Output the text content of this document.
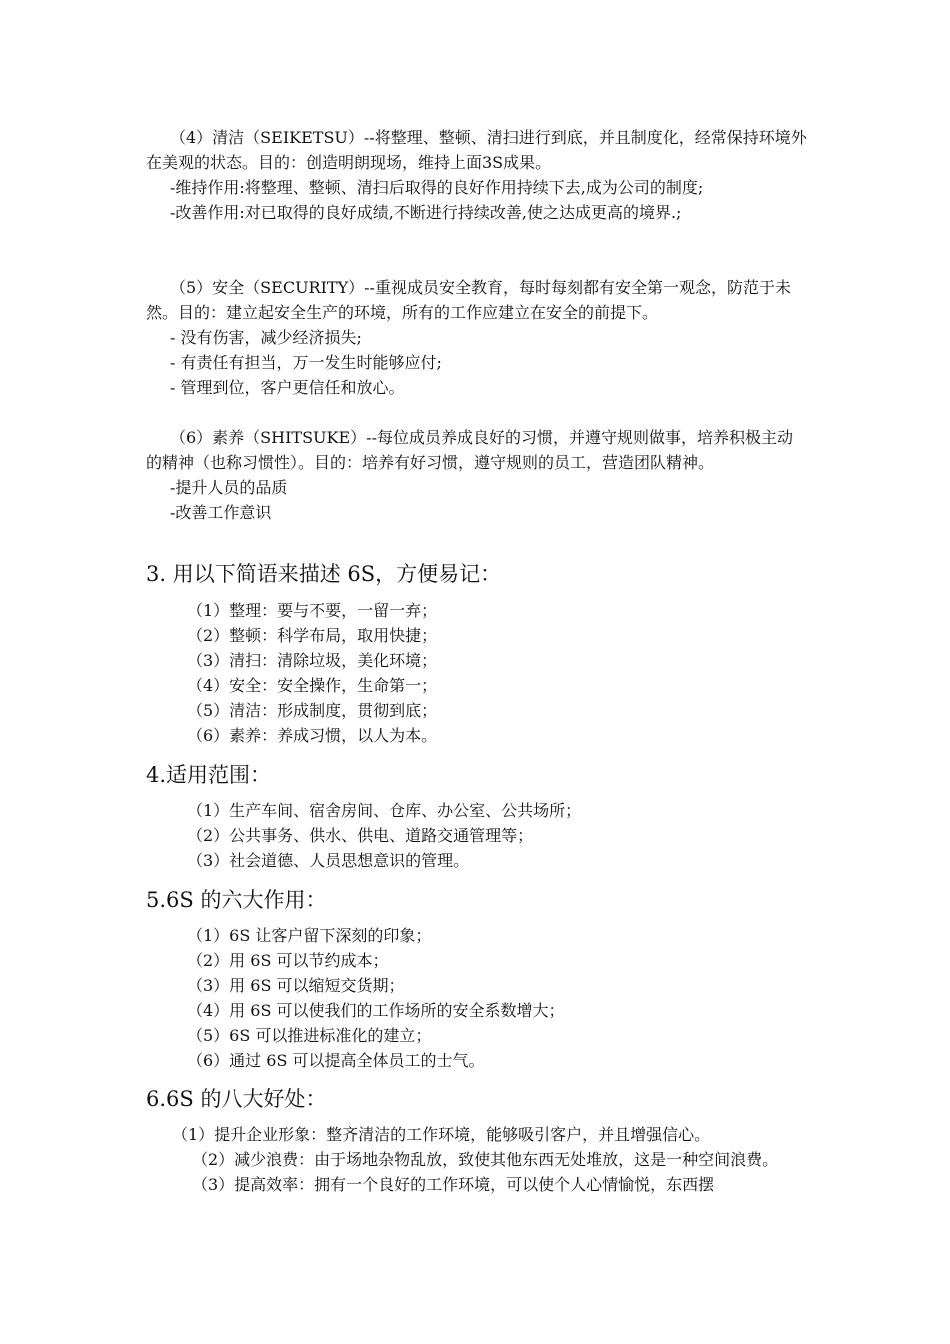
（4）清洁（SEIKETSU）--将整理、整顿、清扫进行到底，并且制度化，经常保持环境外在美观的状态。目的：创造明朗现场，维持上面3S成果。

-维持作用:将整理、整顿、清扫后取得的良好作用持续下去,成为公司的制度;

-改善作用:对已取得的良好成绩,不断进行持续改善,使之达成更高的境界.;

（5）安全（SECURITY）--重视成员安全教育，每时每刻都有安全第一观念，防范于未然。目的：建立起安全生产的环境，所有的工作应建立在安全的前提下。

- 没有伤害，减少经济损失;

- 有责任有担当，万一发生时能够应付;

- 管理到位，客户更信任和放心。

（6）素养（SHITSUKE）--每位成员养成良好的习惯，并遵守规则做事，培养积极主动的精神（也称习惯性）。目的：培养有好习惯，遵守规则的员工，营造团队精神。

-提升人员的品质

-改善工作意识

3. 用以下简语来描述 6S，方便易记：
（1）整理：要与不要，一留一弃；
（2）整顿：科学布局，取用快捷；
（3）清扫：清除垃圾，美化环境；
（4）安全：安全操作，生命第一；
（5）清洁：形成制度，贯彻到底；
（6）素养：养成习惯，以人为本。
4.适用范围：
（1）生产车间、宿舍房间、仓库、办公室、公共场所；
（2）公共事务、供水、供电、道路交通管理等；
（3）社会道德、人员思想意识的管理。
5.6S 的六大作用：
（1）6S 让客户留下深刻的印象；
（2）用 6S 可以节约成本；
（3）用 6S 可以缩短交货期；
（4）用 6S 可以使我们的工作场所的安全系数增大；
（5）6S 可以推进标准化的建立；
（6）通过 6S 可以提高全体员工的士气。
6.6S 的八大好处：

（1）提升企业形象：整齐清洁的工作环境，能够吸引客户，并且增强信心。

（2）减少浪费：由于场地杂物乱放，致使其他东西无处堆放，这是一种空间浪费。

（3）提高效率：拥有一个良好的工作环境，可以使个人心情愉悦，东西摆
